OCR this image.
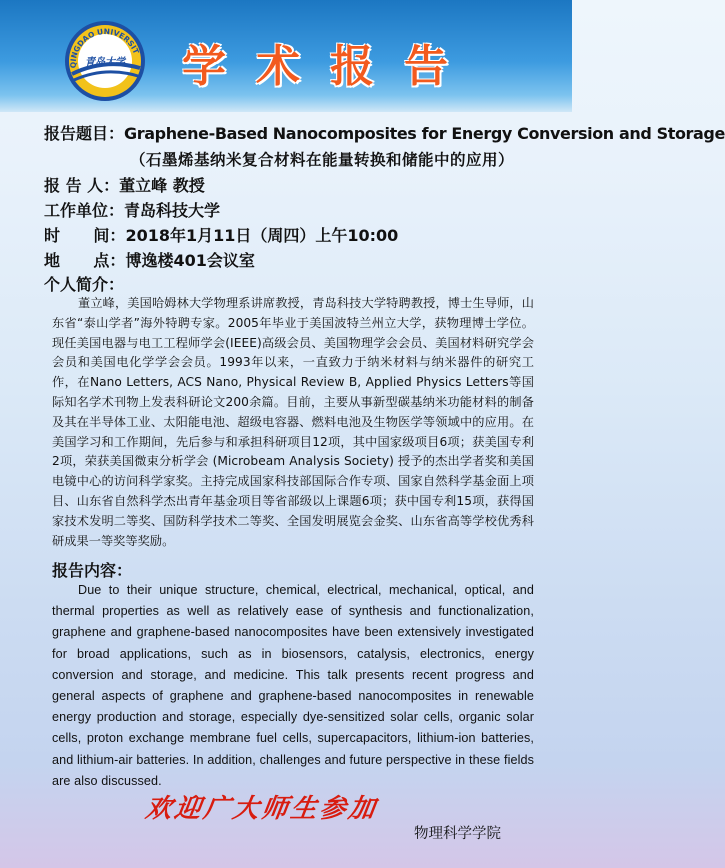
QINGDAO UNIVERSIT
青岛大学 学术报告
报告题目：Graphene-Based Nanocomposites for Energy Conversion and Storage
（石墨烯基纳米复合材料在能量转换和储能中的应用）
报 告 人：董立峰 教授
工作单位：青岛科技大学
时      间：2018年1月11日（周四）上午10:00
地      点：博逸楼401会议室
个人简介：

董立峰，美国哈姆林大学物理系讲席教授，青岛科技大学特聘教授，博士生导师，山东省“泰山学者”海外特聘专家。2005年毕业于美国波特兰州立大学，获物理博士学位。现任美国电器与电工工程师学会(IEEE)高级会员、美国物理学会会员、美国材料研究学会会员和美国电化学学会会员。1993年以来，一直致力于纳米材料与纳米器件的研究工作，在Nano Letters, ACS Nano, Physical Review B, Applied Physics Letters等国际知名学术刊物上发表科研论文200余篇。目前，主要从事新型碳基纳米功能材料的制备及其在半导体工业、太阳能电池、超级电容器、燃料电池及生物医学等领域中的应用。在美国学习和工作期间，先后参与和承担科研项目12项，其中国家级项目6项；获美国专利2项，荣获美国微束分析学会 (Microbeam Analysis Society) 授予的杰出学者奖和美国电镜中心的访问科学家奖。主持完成国家科技部国际合作专项、国家自然科学基金面上项目、山东省自然科学杰出青年基金项目等省部级以上课题6项；获中国专利15项，获得国家技术发明二等奖、国防科学技术二等奖、全国发明展览会金奖、山东省高等学校优秀科研成果一等奖等奖励。

报告内容：

Due to their unique structure, chemical, electrical, mechanical, optical, and thermal properties as well as relatively ease of synthesis and functionalization, graphene and graphene-based nanocomposites have been extensively investigated for broad applications, such as in biosensors, catalysis, electronics, energy conversion and storage, and medicine. This talk presents recent progress and general aspects of graphene and graphene-based nanocomposites in renewable energy production and storage, especially dye-sensitized solar cells, organic solar cells, proton exchange membrane fuel cells, supercapacitors, lithium-ion batteries, and lithium-air batteries. In addition, challenges and future perspective in these fields are also discussed.

欢迎广大师生参加
物理科学学院
